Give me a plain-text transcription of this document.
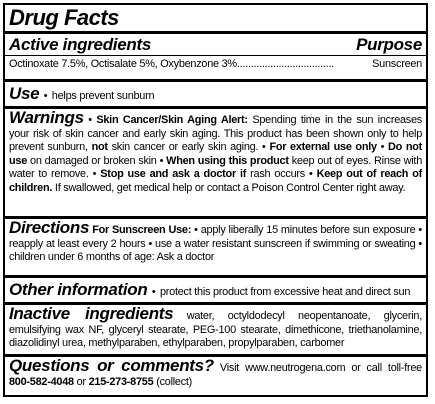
Drug Facts
Active ingredients	Purpose
Octinoxate 7.5%, Octisalate 5%, Oxybenzone 3% ...................................	Sunscreen
Use • helps prevent sunburn
Warnings • Skin Cancer/Skin Aging Alert: Spending time in the sun increases your risk of skin cancer and early skin aging. This product has been shown only to help prevent sunburn, not skin cancer or early skin aging. • For external use only • Do not use on damaged or broken skin • When using this product keep out of eyes. Rinse with water to remove. • Stop use and ask a doctor if rash occurs • Keep out of reach of children. If swallowed, get medical help or contact a Poison Control Center right away.
Directions For Sunscreen Use: • apply liberally 15 minutes before sun exposure • reapply at least every 2 hours • use a water resistant sunscreen if swimming or sweating • children under 6 months of age: Ask a doctor
Other information • protect this product from excessive heat and direct sun
Inactive ingredients water, octyldodecyl neopentanoate, glycerin, emulsifying wax NF, glyceryl stearate, PEG-100 stearate, dimethicone, triethanolamine, diazolidinyl urea, methylparaben, ethylparaben, propylparaben, carbomer
Questions or comments? Visit www.neutrogena.com or call toll-free 800-582-4048 or 215-273-8755 (collect)
